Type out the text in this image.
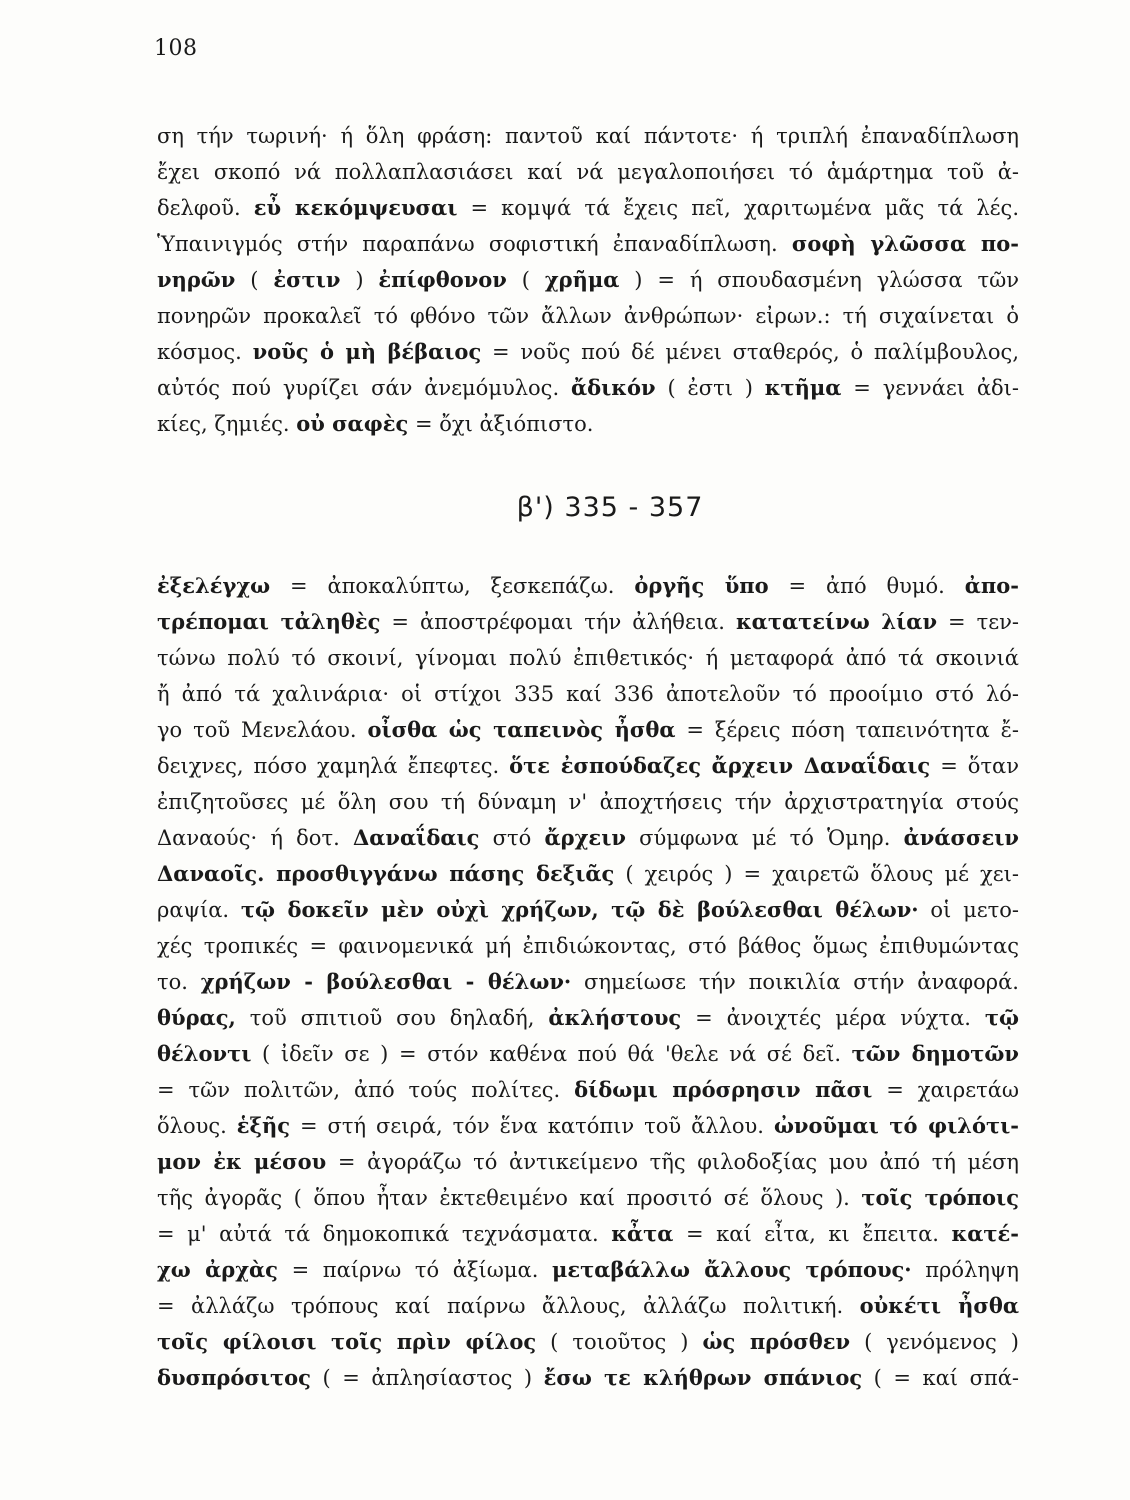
108
ση τήν τωρινή· ή ὅλη φράση: παντοῦ καί πάντοτε· ή τριπλή ἐπαναδίπλωση
ἔχει σκοπό νά πολλαπλασιάσει καί νά μεγαλοποιήσει τό ἁμάρτημα τοῦ ἀ-
δελφοῦ. εὖ κεκόμψευσαι = κομψά τά ἔχεις πεῖ, χαριτωμένα μᾶς τά λές.
Ὑπαινιγμός στήν παραπάνω σοφιστική ἐπαναδίπλωση. σοφὴ γλῶσσα πο-
νηρῶν ( ἐστιν ) ἐπίφθονον ( χρῆμα ) = ή σπουδασμένη γλώσσα τῶν
πονηρῶν προκαλεῖ τό φθόνο τῶν ἄλλων ἀνθρώπων· εἰρων.: τή σιχαίνεται ὁ
κόσμος. νοῦς ὁ μὴ βέβαιος = νοῦς πού δέ μένει σταθερός, ὁ παλίμβουλος,
αὐτός πού γυρίζει σάν ἀνεμόμυλος. ἄδικόν ( ἐστι ) κτῆμα = γεννάει ἀδι-
κίες, ζημιές. οὐ σαφὲς = ὄχι ἀξιόπιστο.
β') 335 - 357
ἐξελέγχω = ἀποκαλύπτω, ξεσκεπάζω. ὀργῆς ὕπο = ἀπό θυμό. ἀπο-
τρέπομαι τἀληθὲς = ἀποστρέφομαι τήν ἀλήθεια. κατατείνω λίαν = τεν-
τώνω πολύ τό σκοινί, γίνομαι πολύ ἐπιθετικός· ή μεταφορά ἀπό τά σκοινιά
ἤ ἀπό τά χαλινάρια· οἱ στίχοι 335 καί 336 ἀποτελοῦν τό προοίμιο στό λό-
γο τοῦ Μενελάου. οἶσθα ὡς ταπεινὸς ἦσθα = ξέρεις πόση ταπεινότητα ἔ-
δειχνες, πόσο χαμηλά ἔπεφτες. ὅτε ἐσπούδαζες ἄρχειν Δαναΐδαις = ὅταν
ἐπιζητοῦσες μέ ὅλη σου τή δύναμη ν' ἀποχτήσεις τήν ἀρχιστρατηγία στούς
Δαναούς· ή δοτ. Δαναΐδαις στό ἄρχειν σύμφωνα μέ τό Ὁμηρ. ἀνάσσειν
Δαναοῖς. προσθιγγάνω πάσης δεξιᾶς ( χειρός ) = χαιρετῶ ὅλους μέ χει-
ραψία. τῷ δοκεῖν μὲν οὐχὶ χρήζων, τῷ δὲ βούλεσθαι θέλων· οἱ μετο-
χές τροπικές = φαινομενικά μή ἐπιδιώκοντας, στό βάθος ὅμως ἐπιθυμώντας
το. χρήζων - βούλεσθαι - θέλων· σημείωσε τήν ποικιλία στήν ἀναφορά.
θύρας, τοῦ σπιτιοῦ σου δηλαδή, ἀκλήστους = ἀνοιχτές μέρα νύχτα. τῷ
θέλοντι ( ἰδεῖν σε ) = στόν καθένα πού θά 'θελε νά σέ δεῖ. τῶν δημοτῶν
= τῶν πολιτῶν, ἀπό τούς πολίτες. δίδωμι πρόσρησιν πᾶσι = χαιρετάω
ὅλους. ἑξῆς = στή σειρά, τόν ἕνα κατόπιν τοῦ ἄλλου. ὠνοῦμαι τό φιλότι-
μον ἐκ μέσου = ἀγοράζω τό ἀντικείμενο τῆς φιλοδοξίας μου ἀπό τή μέση
τῆς ἀγορᾶς ( ὅπου ἦταν ἐκτεθειμένο καί προσιτό σέ ὅλους ). τοῖς τρόποις
= μ' αὐτά τά δημοκοπικά τεχνάσματα. κἆτα = καί εἶτα, κι ἔπειτα. κατέ-
χω ἀρχὰς = παίρνω τό ἀξίωμα. μεταβάλλω ἄλλους τρόπους· πρόληψη
= ἀλλάζω τρόπους καί παίρνω ἄλλους, ἀλλάζω πολιτική. οὐκέτι ἦσθα
τοῖς φίλοισι τοῖς πρὶν φίλος ( τοιοῦτος ) ὡς πρόσθεν ( γενόμενος )
δυσπρόσιτος ( = ἀπλησίαστος ) ἔσω τε κλήθρων σπάνιος ( = καί σπά-
